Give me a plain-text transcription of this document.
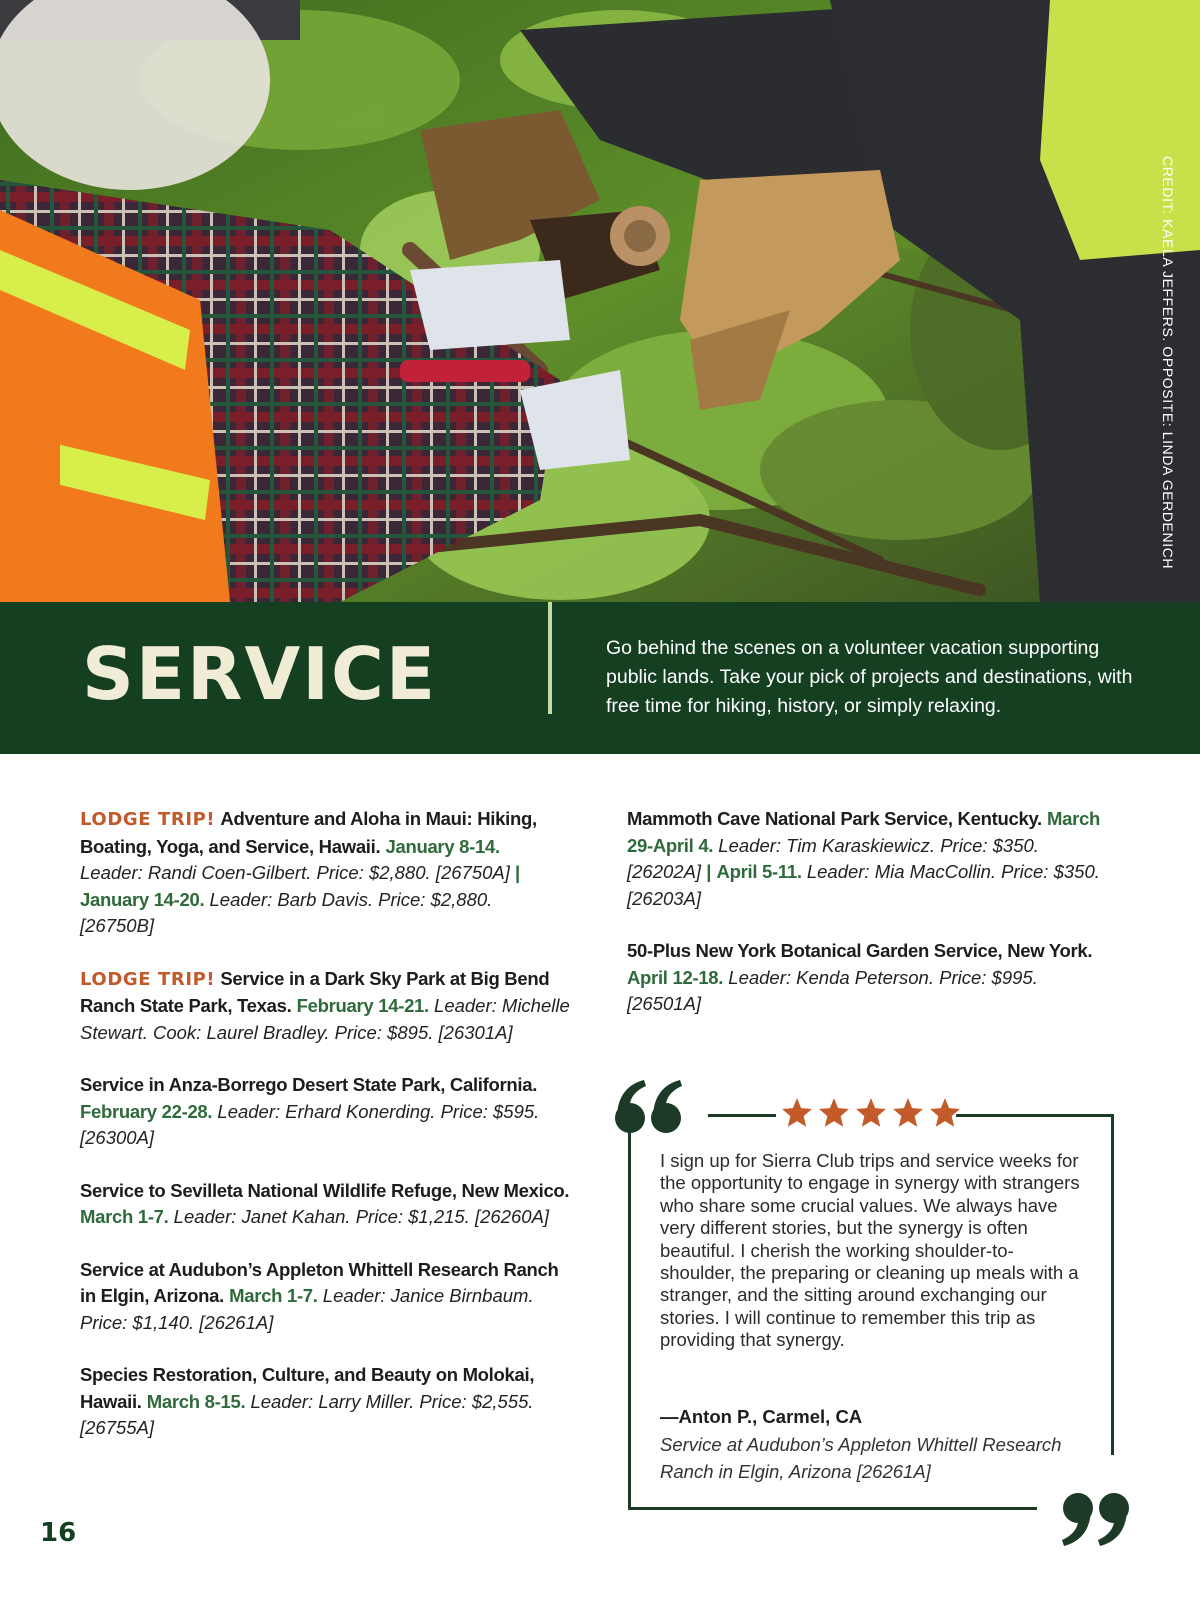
CREDIT: KAELA JEFFERS. OPPOSITE: LINDA GERDENICH
SERVICE	Go behind the scenes on a volunteer vacation supporting public lands. Take your pick of projects and destinations, with free time for hiking, history, or simply relaxing.

LODGE TRIP! Adventure and Aloha in Maui: Hiking, Boating, Yoga, and Service, Hawaii. January 8-14.
Leader: Randi Coen-Gilbert. Price: $2,880. [26750A] | January 14-20. Leader: Barb Davis. Price: $2,880. [26750B]

LODGE TRIP! Service in a Dark Sky Park at Big Bend Ranch State Park, Texas. February 14-21. Leader: Michelle Stewart. Cook: Laurel Bradley. Price: $895. [26301A]

Service in Anza-Borrego Desert State Park, California. February 22-28. Leader: Erhard Konerding. Price: $595. [26300A]

Service to Sevilleta National Wildlife Refuge, New Mexico. March 1-7. Leader: Janet Kahan. Price: $1,215. [26260A]

Service at Audubon’s Appleton Whittell Research Ranch in Elgin, Arizona. March 1-7. Leader: Janice Birnbaum. Price: $1,140. [26261A]

Species Restoration, Culture, and Beauty on Molokai, Hawaii. March 8-15. Leader: Larry Miller. Price: $2,555. [26755A]

Mammoth Cave National Park Service, Kentucky. March 29-April 4. Leader: Tim Karaskiewicz. Price: $350. [26202A] | April 5-11. Leader: Mia MacCollin. Price: $350. [26203A]

50-Plus New York Botanical Garden Service, New York. April 12-18. Leader: Kenda Peterson. Price: $995. [26501A]

I sign up for Sierra Club trips and service weeks for the opportunity to engage in synergy with strangers who share some crucial values. We always have very different stories, but the synergy is often beautiful. I cherish the working shoulder-to-shoulder, the preparing or cleaning up meals with a stranger, and the sitting around exchanging our stories. I will continue to remember this trip as providing that synergy.
—Anton P., Carmel, CA
Service at Audubon’s Appleton Whittell Research Ranch in Elgin, Arizona [26261A]
16
